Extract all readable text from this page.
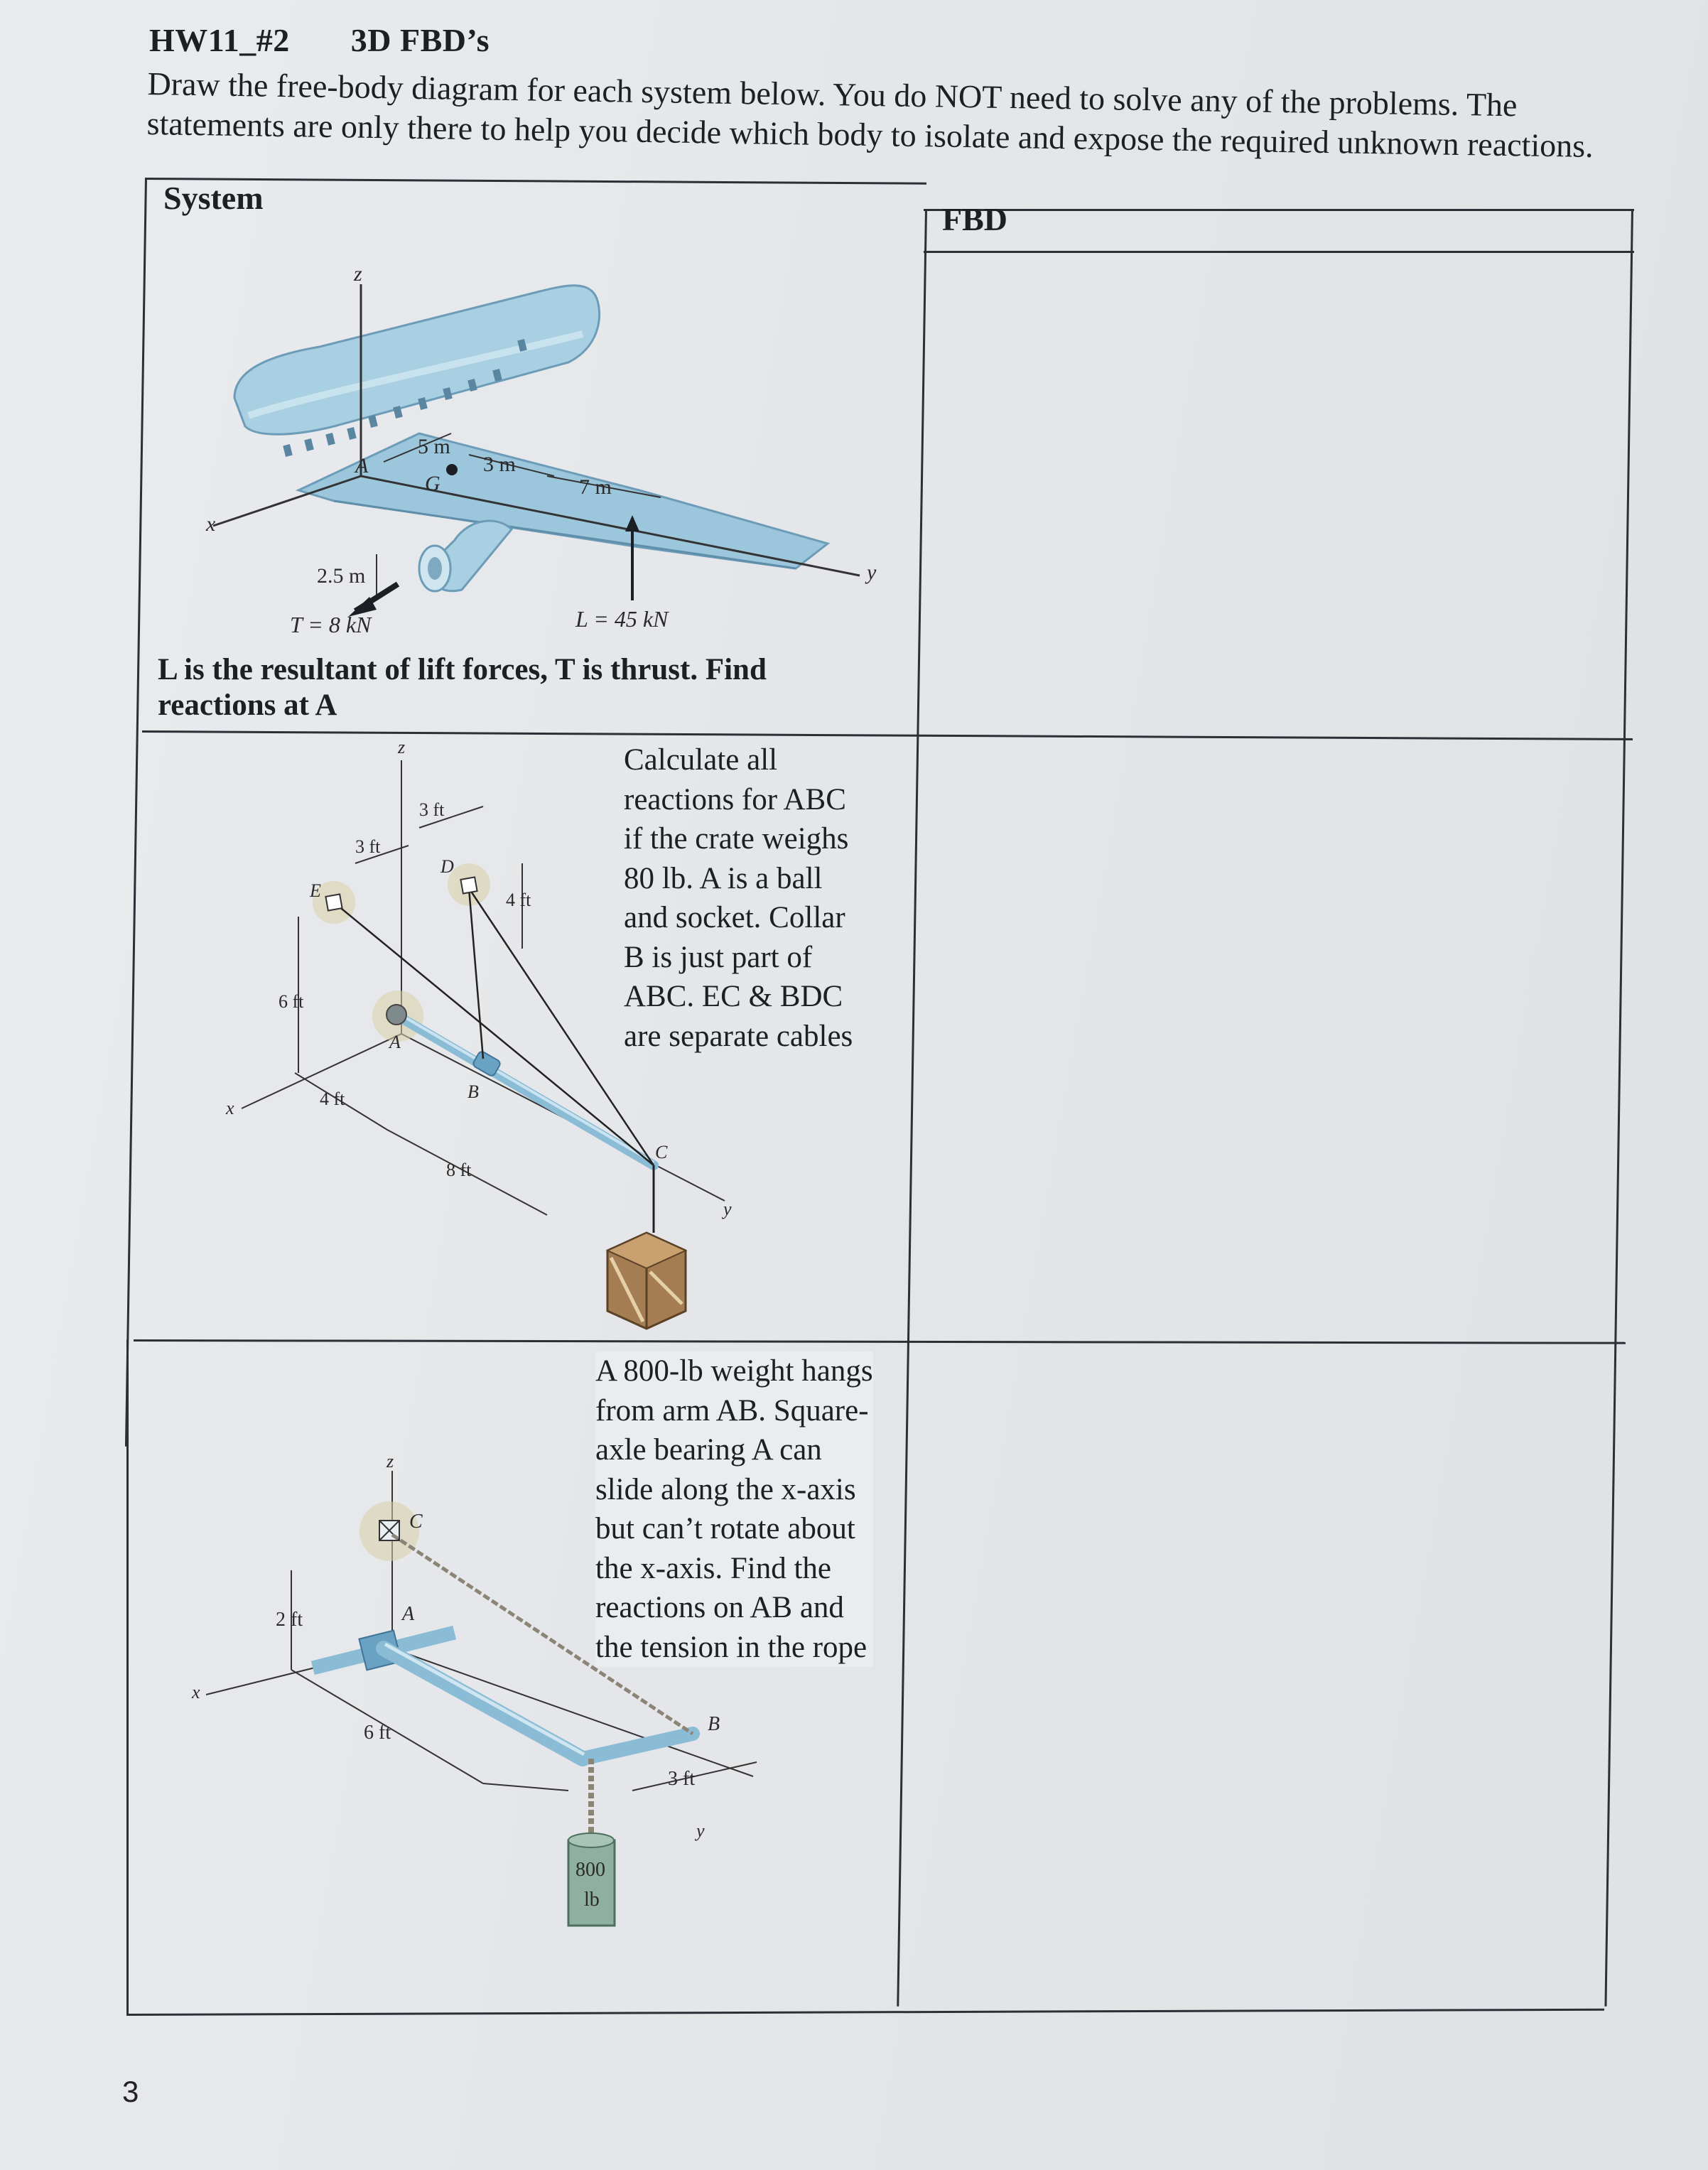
HW11_#2 3D FBD’s
Draw the free-body diagram for each system below. You do NOT need to solve any of the problems. The statements are only there to help you decide which body to isolate and expose the required unknown reactions.
System
FBD
z
x
y
A
G
5 m
3 m
7 m
2.5 m
T = 8 kN	L = 45 kN
L is the resultant of lift forces, T is thrust. Find reactions at A
z
x
y
A
B
C
D
E
3 ft
3 ft
4 ft
6 ft
4 ft
8 ft
Calculate all
reactions for ABC
if the crate weighs
80 lb. A is a ball
and socket. Collar
B is just part of
ABC. EC & BDC
are separate cables
z
x
y
A
B
C
2 ft
6 ft
3 ft
800
lb
A 800-lb weight hangs
from arm AB. Square-
axle bearing A can
slide along the x-axis
but can’t rotate about
the x-axis. Find the
reactions on AB and
the tension in the rope
3
